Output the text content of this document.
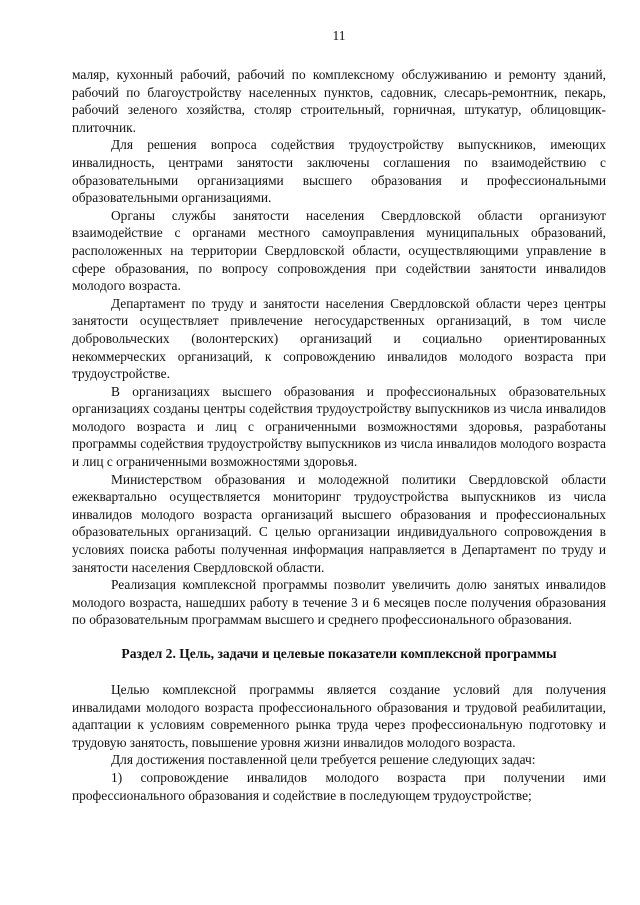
11

маляр, кухонный рабочий, рабочий по комплексному обслуживанию и ремонту зданий, рабочий по благоустройству населенных пунктов, садовник, слесарь-ремонтник, пекарь, рабочий зеленого хозяйства, столяр строительный, горничная, штукатур, облицовщик-плиточник.

Для решения вопроса содействия трудоустройству выпускников, имеющих инвалидность, центрами занятости заключены соглашения по взаимодействию с образовательными организациями высшего образования и профессиональными образовательными организациями.

Органы службы занятости населения Свердловской области организуют взаимодействие с органами местного самоуправления муниципальных образований, расположенных на территории Свердловской области, осуществляющими управление в сфере образования, по вопросу сопровождения при содействии занятости инвалидов молодого возраста.

Департамент по труду и занятости населения Свердловской области через центры занятости осуществляет привлечение негосударственных организаций, в том числе добровольческих (волонтерских) организаций и социально ориентированных некоммерческих организаций, к сопровождению инвалидов молодого возраста при трудоустройстве.

В организациях высшего образования и профессиональных образовательных организациях созданы центры содействия трудоустройству выпускников из числа инвалидов молодого возраста и лиц с ограниченными возможностями здоровья, разработаны программы содействия трудоустройству выпускников из числа инвалидов молодого возраста и лиц с ограниченными возможностями здоровья.

Министерством образования и молодежной политики Свердловской области ежеквартально осуществляется мониторинг трудоустройства выпускников из числа инвалидов молодого возраста организаций высшего образования и профессиональных образовательных организаций. С целью организации индивидуального сопровождения в условиях поиска работы полученная информация направляется в Департамент по труду и занятости населения Свердловской области.

Реализация комплексной программы позволит увеличить долю занятых инвалидов молодого возраста, нашедших работу в течение 3 и 6 месяцев после получения образования по образовательным программам высшего и среднего профессионального образования.

Раздел 2. Цель, задачи и целевые показатели комплексной программы

Целью комплексной программы является создание условий для получения инвалидами молодого возраста профессионального образования и трудовой реабилитации, адаптации к условиям современного рынка труда через профессиональную подготовку и трудовую занятость, повышение уровня жизни инвалидов молодого возраста.

Для достижения поставленной цели требуется решение следующих задач:

1) сопровождение инвалидов молодого возраста при получении ими профессионального образования и содействие в последующем трудоустройстве;
